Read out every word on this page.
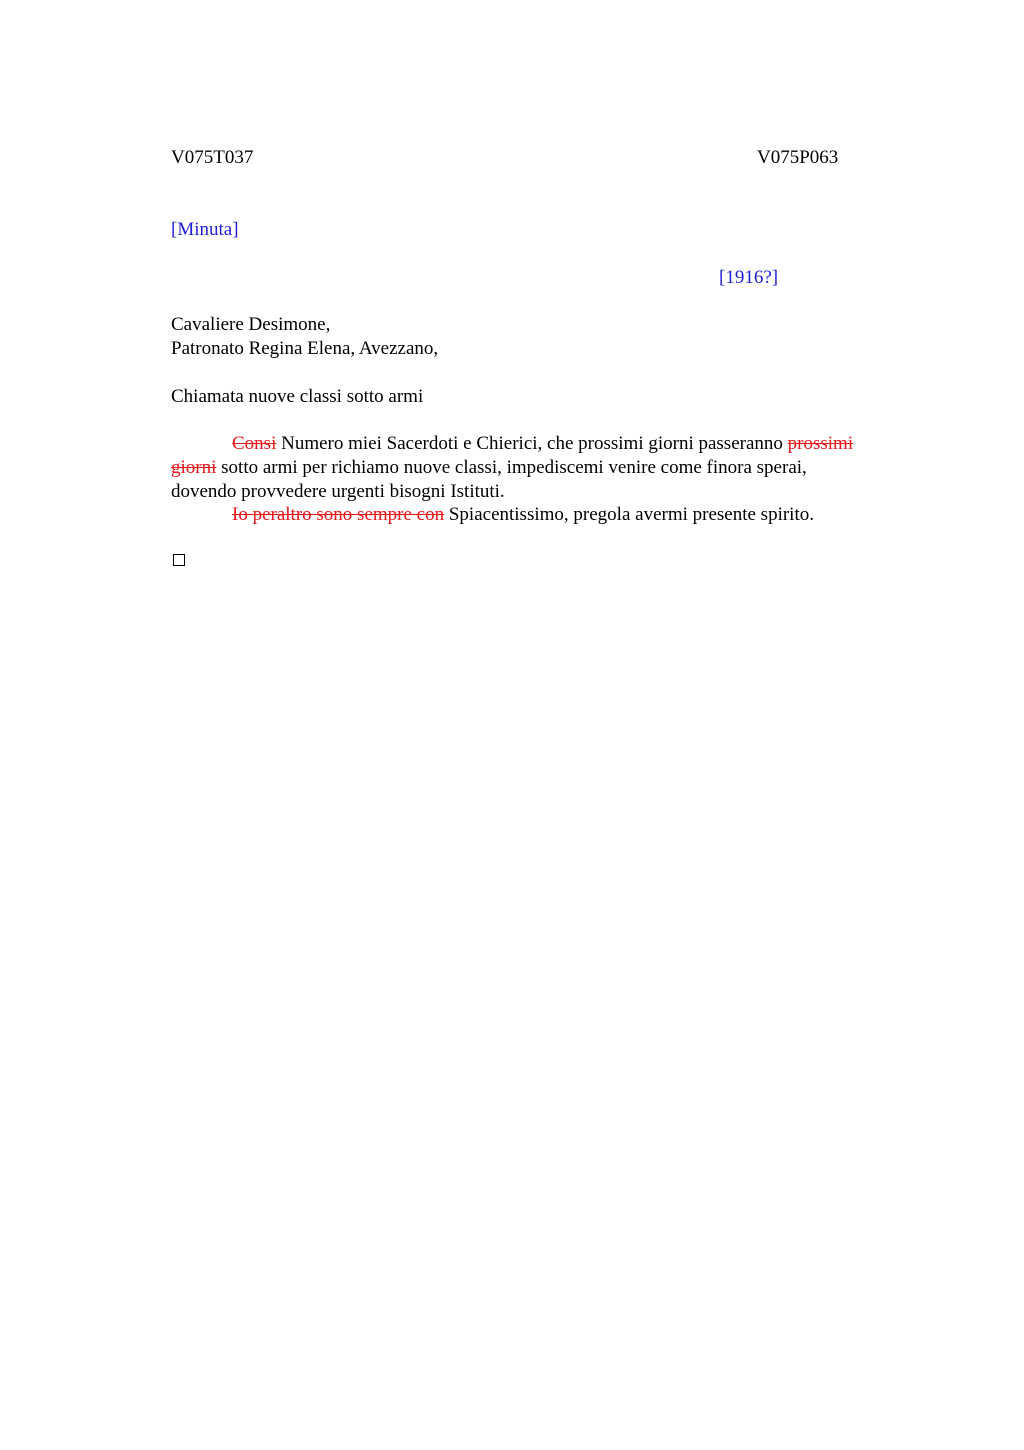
V075T037	V075P063
[Minuta]
[1916?]
Cavaliere Desimone,
Patronato Regina Elena, Avezzano,
Chiamata nuove classi sotto armi
Consi Numero miei Sacerdoti e Chierici, che prossimi giorni passeranno prossimi giorni sotto armi per richiamo nuove classi, impediscemi venire come finora sperai, dovendo provvedere urgenti bisogni Istituti.
Io peraltro sono sempre con Spiacentissimo, pregola avermi presente spirito.
